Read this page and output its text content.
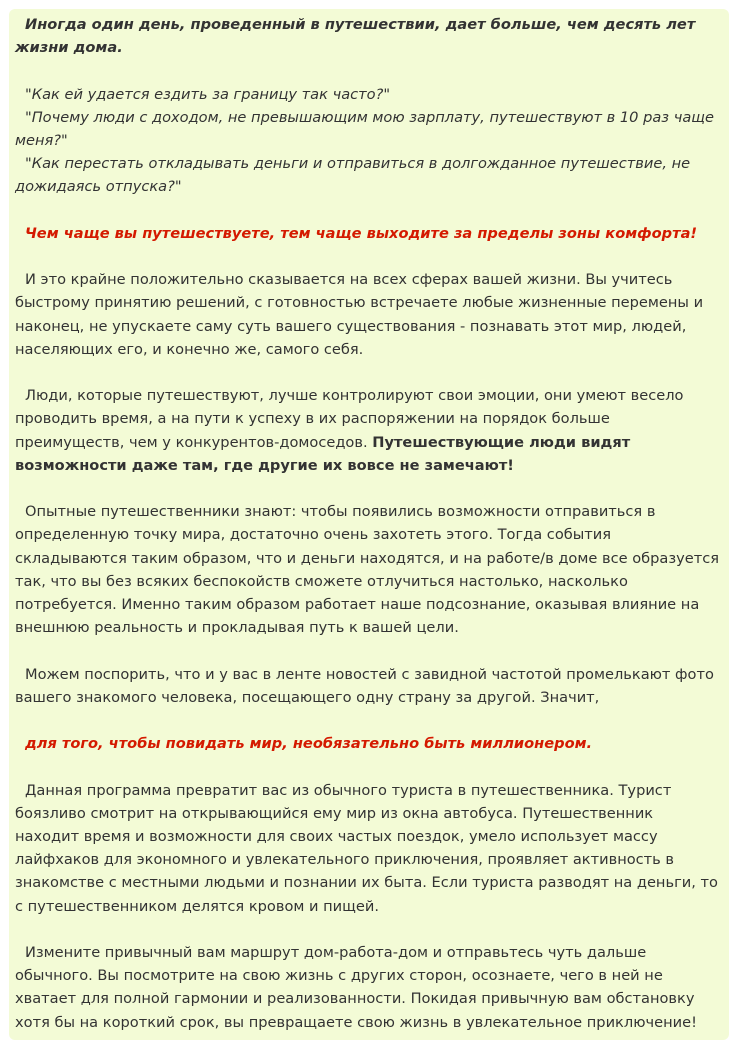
Иногда один день, проведенный в путешествии, дает больше, чем десять лет жизни дома.

"Как ей удается ездить за границу так часто?"
"Почему люди с доходом, не превышающим мою зарплату, путешествуют в 10 раз чаще меня?"
"Как перестать откладывать деньги и отправиться в долгожданное путешествие, не дожидаясь отпуска?"

Чем чаще вы путешествуете, тем чаще выходите за пределы зоны комфорта!

И это крайне положительно сказывается на всех сферах вашей жизни. Вы учитесь быстрому принятию решений, с готовностью встречаете любые жизненные перемены и наконец, не упускаете саму суть вашего существования - познавать этот мир, людей, населяющих его, и конечно же, самого себя.

Люди, которые путешествуют, лучше контролируют свои эмоции, они умеют весело проводить время, а на пути к успеху в их распоряжении на порядок больше преимуществ, чем у конкурентов-домоседов. Путешествующие люди видят возможности даже там, где другие их вовсе не замечают!

Опытные путешественники знают: чтобы появились возможности отправиться в определенную точку мира, достаточно очень захотеть этого. Тогда события складываются таким образом, что и деньги находятся, и на работе/в доме все образуется так, что вы без всяких беспокойств сможете отлучиться настолько, насколько потребуется. Именно таким образом работает наше подсознание, оказывая влияние на внешнюю реальность и прокладывая путь к вашей цели.

Можем поспорить, что и у вас в ленте новостей с завидной частотой промелькают фото вашего знакомого человека, посещающего одну страну за другой. Значит,

для того, чтобы повидать мир, необязательно быть миллионером.

Данная программа превратит вас из обычного туриста в путешественника. Турист боязливо смотрит на открывающийся ему мир из окна автобуса. Путешественник находит время и возможности для своих частых поездок, умело использует массу лайфхаков для экономного и увлекательного приключения, проявляет активность в знакомстве с местными людьми и познании их быта. Если туриста разводят на деньги, то с путешественником делятся кровом и пищей.

Измените привычный вам маршрут дом-работа-дом и отправьтесь чуть дальше обычного. Вы посмотрите на свою жизнь с других сторон, осознаете, чего в ней не хватает для полной гармонии и реализованности. Покидая привычную вам обстановку хотя бы на короткий срок, вы превращаете свою жизнь в увлекательное приключение!
